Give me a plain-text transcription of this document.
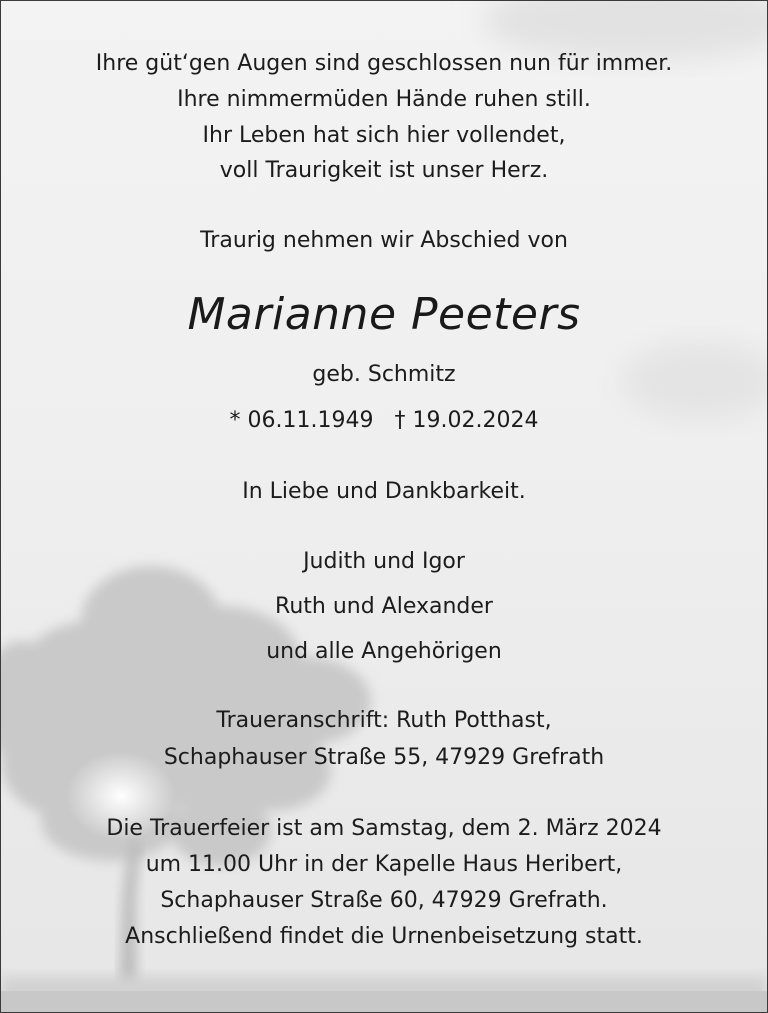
Ihre güt‘gen Augen sind geschlossen nun für immer.
Ihre nimmermüden Hände ruhen still.
Ihr Leben hat sich hier vollendet,
voll Traurigkeit ist unser Herz.
Traurig nehmen wir Abschied von
Marianne Peeters
geb. Schmitz
* 06.11.1949   † 19.02.2024
In Liebe und Dankbarkeit.
Judith und Igor
Ruth und Alexander
und alle Angehörigen
Traueranschrift: Ruth Potthast,
Schaphauser Straße 55, 47929 Grefrath
Die Trauerfeier ist am Samstag, dem 2. März 2024
um 11.00 Uhr in der Kapelle Haus Heribert,
Schaphauser Straße 60, 47929 Grefrath.
Anschließend findet die Urnenbeisetzung statt.
